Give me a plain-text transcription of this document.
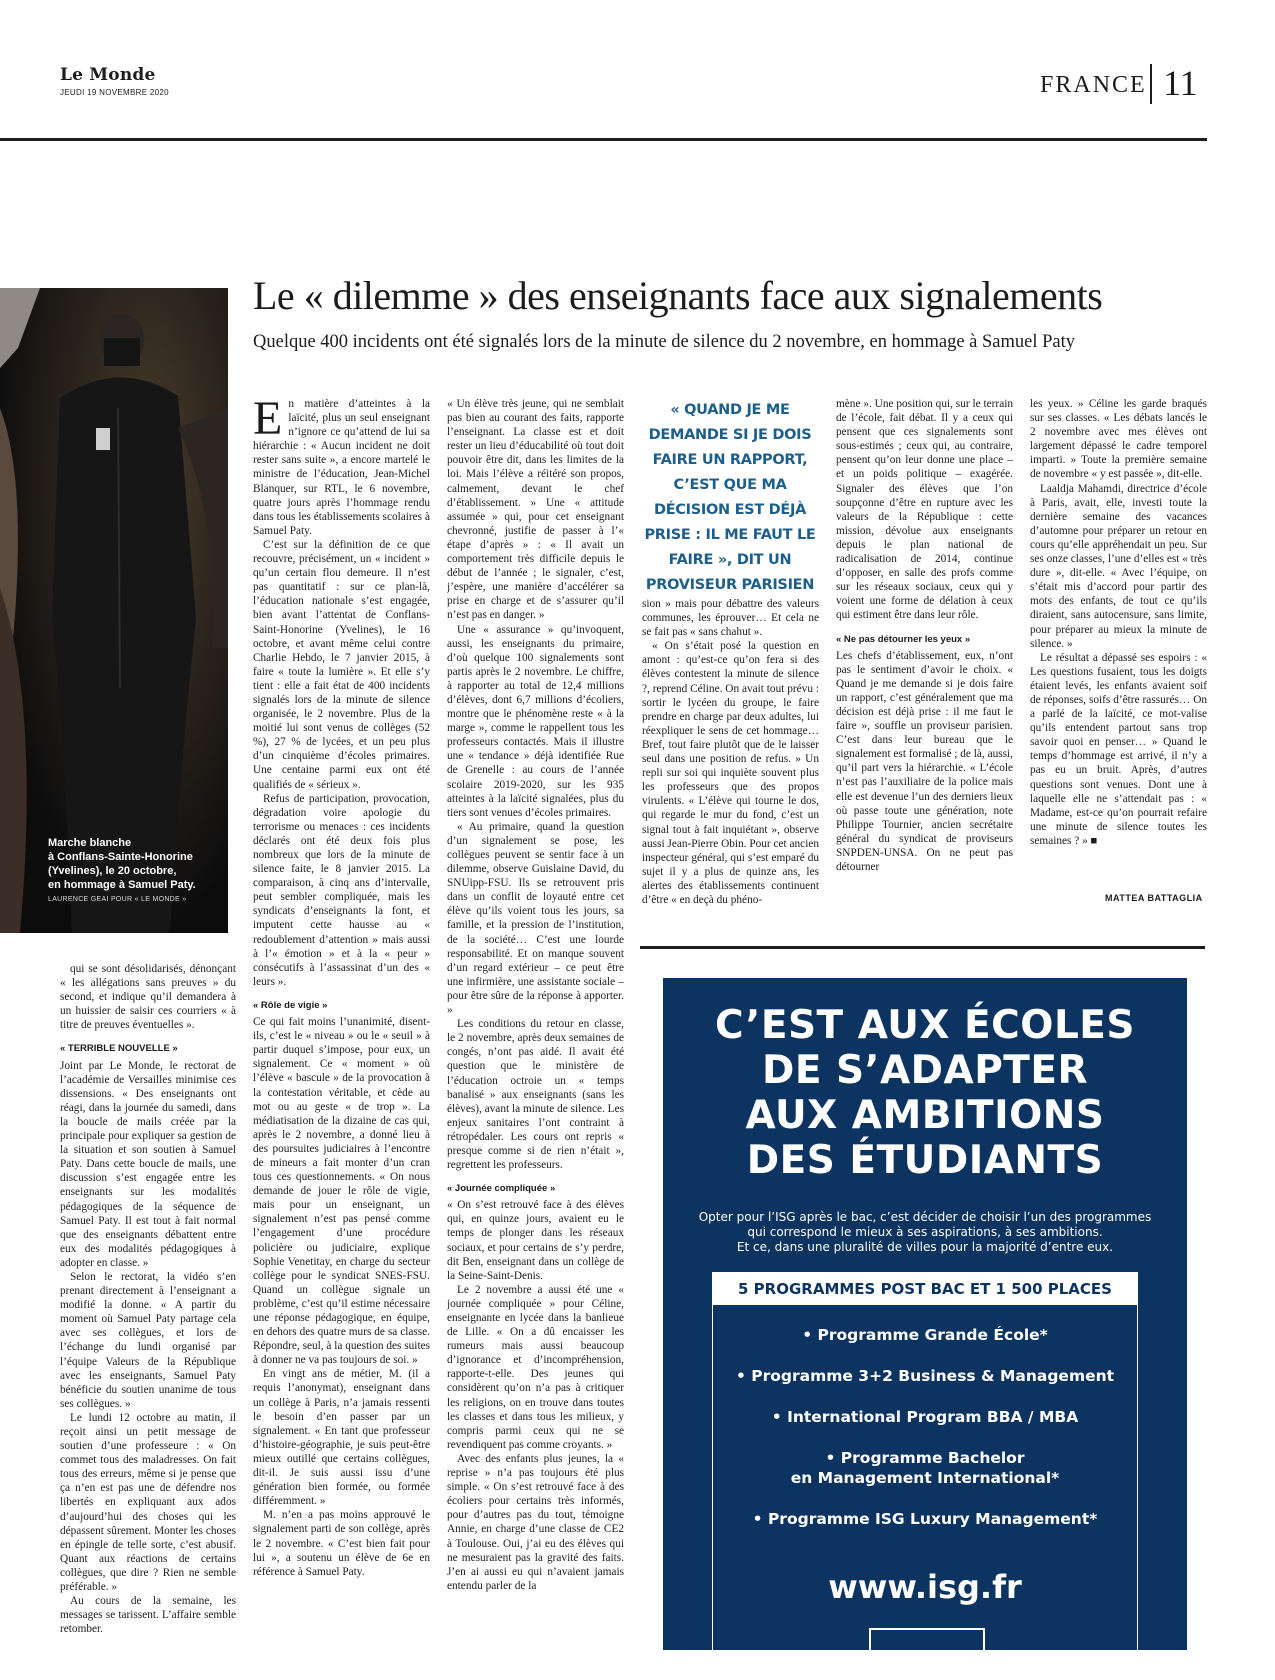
Le Monde
JEUDI 19 NOVEMBRE 2020	FRANCE 11
Marche blanche
à Conflans-Sainte-Honorine
(Yvelines), le 20 octobre,
en hommage à Samuel Paty.
LAURENCE GEAI POUR « LE MONDE »
Le « dilemme » des enseignants face aux signalements
Quelque 400 incidents ont été signalés lors de la minute de silence du 2 novembre, en hommage à Samuel Paty

qui se sont désolidarisés, dénonçant « les allégations sans preuves » du second, et indique qu’il demandera à un huissier de saisir ces courriers « à titre de preuves éventuelles ».

« TERRIBLE NOUVELLE »

Joint par Le Monde, le rectorat de l’académie de Versailles minimise ces dissensions. « Des enseignants ont réagi, dans la journée du samedi, dans la boucle de mails créée par la principale pour expliquer sa gestion de la situation et son soutien à Samuel Paty. Dans cette boucle de mails, une discussion s’est engagée entre les enseignants sur les modalités pédagogiques de la séquence de Samuel Paty. Il est tout à fait normal que des enseignants débattent entre eux des modalités pédagogiques à adopter en classe. »

Selon le rectorat, la vidéo s’en prenant directement à l’enseignant a modifié la donne. « A partir du moment où Samuel Paty partage cela avec ses collègues, et lors de l’échange du lundi organisé par l’équipe Valeurs de la République avec les enseignants, Samuel Paty bénéficie du soutien unanime de tous ses collègues. »

Le lundi 12 octobre au matin, il reçoit ainsi un petit message de soutien d’une professeure : « On commet tous des maladresses. On fait tous des erreurs, même si je pense que ça n’en est pas une de défendre nos libertés en expliquant aux ados d’aujourd’hui des choses qui les dépassent sûrement. Monter les choses en épingle de telle sorte, c’est abusif. Quant aux réactions de certains collègues, que dire ? Rien ne semble préférable. »

Au cours de la semaine, les messages se tarissent. L’affaire semble retomber.

En matière d’atteintes à la laïcité, plus un seul enseignant n’ignore ce qu’attend de lui sa hiérarchie : « Aucun incident ne doit rester sans suite », a encore martelé le ministre de l’éducation, Jean-Michel Blanquer, sur RTL, le 6 novembre, quatre jours après l’hommage rendu dans tous les établissements scolaires à Samuel Paty.

C’est sur la définition de ce que recouvre, précisément, un « incident » qu’un certain flou demeure. Il n’est pas quantitatif : sur ce plan-là, l’éducation nationale s’est engagée, bien avant l’attentat de Conflans-Saint-Honorine (Yvelines), le 16 octobre, et avant même celui contre Charlie Hebdo, le 7 janvier 2015, à faire « toute la lumière ». Et elle s’y tient : elle a fait état de 400 incidents signalés lors de la minute de silence organisée, le 2 novembre. Plus de la moitié lui sont venus de collèges (52 %), 27 % de lycées, et un peu plus d’un cinquième d’écoles primaires. Une centaine parmi eux ont été qualifiés de « sérieux ».

Refus de participation, provocation, dégradation voire apologie du terrorisme ou menaces : ces incidents déclarés ont été deux fois plus nombreux que lors de la minute de silence faite, le 8 janvier 2015. La comparaison, à cinq ans d’intervalle, peut sembler compliquée, mais les syndicats d’enseignants la font, et imputent cette hausse au « redoublement d’attention » mais aussi à l’« émotion » et à la « peur » consécutifs à l’assassinat d’un des « leurs ».

« Rôle de vigie »

Ce qui fait moins l’unanimité, disent-ils, c’est le « niveau » ou le « seuil » à partir duquel s’impose, pour eux, un signalement. Ce « moment » où l’élève « bascule » de la provocation à la contestation véritable, et cède au mot ou au geste « de trop ». La médiatisation de la dizaine de cas qui, après le 2 novembre, a donné lieu à des poursuites judiciaires à l’encontre de mineurs a fait monter d’un cran tous ces questionnements. « On nous demande de jouer le rôle de vigie, mais pour un enseignant, un signalement n’est pas pensé comme l’engagement d’une procédure policière ou judiciaire, explique Sophie Venetitay, en charge du secteur collège pour le syndicat SNES-FSU. Quand un collègue signale un problème, c’est qu’il estime nécessaire une réponse pédagogique, en équipe, en dehors des quatre murs de sa classe. Répondre, seul, à la question des suites à donner ne va pas toujours de soi. »

En vingt ans de métier, M. (il a requis l’anonymat), enseignant dans un collège à Paris, n’a jamais ressenti le besoin d’en passer par un signalement. « En tant que professeur d’histoire-géographie, je suis peut-être mieux outillé que certains collègues, dit-il. Je suis aussi issu d’une génération bien formée, ou formée différemment. »

M. n’en a pas moins approuvé le signalement parti de son collège, après le 2 novembre. « C’est bien fait pour lui », a soutenu un élève de 6e en référence à Samuel Paty.

« Un élève très jeune, qui ne semblait pas bien au courant des faits, rapporte l’enseignant. La classe est et doit rester un lieu d’éducabilité où tout doit pouvoir être dit, dans les limites de la loi. Mais l’élève a réitéré son propos, calmement, devant le chef d’établissement. » Une « attitude assumée » qui, pour cet enseignant chevronné, justifie de passer à l’« étape d’après » : « Il avait un comportement très difficile depuis le début de l’année ; le signaler, c’est, j’espère, une manière d’accélérer sa prise en charge et de s’assurer qu’il n’est pas en danger. »

Une « assurance » qu’invoquent, aussi, les enseignants du primaire, d’où quelque 100 signalements sont partis après le 2 novembre. Le chiffre, à rapporter au total de 12,4 millions d’élèves, dont 6,7 millions d’écoliers, montre que le phénomène reste « à la marge », comme le rappellent tous les professeurs contactés. Mais il illustre une « tendance » déjà identifiée Rue de Grenelle : au cours de l’année scolaire 2019-2020, sur les 935 atteintes à la laïcité signalées, plus du tiers sont venues d’écoles primaires.

« Au primaire, quand la question d’un signalement se pose, les collègues peuvent se sentir face à un dilemme, observe Guislaine David, du SNUipp-FSU. Ils se retrouvent pris dans un conflit de loyauté entre cet élève qu’ils voient tous les jours, sa famille, et la pression de l’institution, de la société… C’est une lourde responsabilité. Et on manque souvent d’un regard extérieur – ce peut être une infirmière, une assistante sociale – pour être sûre de la réponse à apporter. »

Les conditions du retour en classe, le 2 novembre, après deux semaines de congés, n’ont pas aidé. Il avait été question que le ministère de l’éducation octroie un « temps banalisé » aux enseignants (sans les élèves), avant la minute de silence. Les enjeux sanitaires l’ont contraint à rétropédaler. Les cours ont repris « presque comme si de rien n’était », regrettent les professeurs.

« Journée compliquée »

« On s’est retrouvé face à des élèves qui, en quinze jours, avaient eu le temps de plonger dans les réseaux sociaux, et pour certains de s’y perdre, dit Ben, enseignant dans un collège de la Seine-Saint-Denis.

Le 2 novembre a aussi été une « journée compliquée » pour Céline, enseignante en lycée dans la banlieue de Lille. « On a dû encaisser les rumeurs mais aussi beaucoup d’ignorance et d’incompréhension, rapporte-t-elle. Des jeunes qui considèrent qu’on n’a pas à critiquer les religions, on en trouve dans toutes les classes et dans tous les milieux, y compris parmi ceux qui ne se revendiquent pas comme croyants. »

Avec des enfants plus jeunes, la « reprise » n’a pas toujours été plus simple. « On s’est retrouvé face à des écoliers pour certains très informés, pour d’autres pas du tout, témoigne Annie, en charge d’une classe de CE2 à Toulouse. Oui, j’ai eu des élèves qui ne mesuraient pas la gravité des faits. J’en ai aussi eu qui n’avaient jamais entendu parler de la

« QUAND JE ME DEMANDE SI JE DOIS FAIRE UN RAPPORT, C’EST QUE MA DÉCISION EST DÉJÀ PRISE : IL ME FAUT LE FAIRE », DIT UN PROVISEUR PARISIEN

sion » mais pour débattre des valeurs communes, les éprouver… Et cela ne se fait pas « sans chahut ».

« On s’était posé la question en amont : qu’est-ce qu’on fera si des élèves contestent la minute de silence ?, reprend Céline. On avait tout prévu : sortir le lycéen du groupe, le faire prendre en charge par deux adultes, lui réexpliquer le sens de cet hommage… Bref, tout faire plutôt que de le laisser seul dans une position de refus. » Un repli sur soi qui inquiète souvent plus les professeurs que des propos virulents. « L’élève qui tourne le dos, qui regarde le mur du fond, c’est un signal tout à fait inquiétant », observe aussi Jean-Pierre Obin. Pour cet ancien inspecteur général, qui s’est emparé du sujet il y a plus de quinze ans, les alertes des établissements continuent d’être « en deçà du phéno-

mène ». Une position qui, sur le terrain de l’école, fait débat. Il y a ceux qui pensent que ces signalements sont sous-estimés ; ceux qui, au contraire, pensent qu’on leur donne une place – et un poids politique – exagérée. Signaler des élèves que l’on soupçonne d’être en rupture avec les valeurs de la République : cette mission, dévolue aux enseignants depuis le plan national de radicalisation de 2014, continue d’opposer, en salle des profs comme sur les réseaux sociaux, ceux qui y voient une forme de délation à ceux qui estiment être dans leur rôle.

« Ne pas détourner les yeux »

Les chefs d’établissement, eux, n’ont pas le sentiment d’avoir le choix. « Quand je me demande si je dois faire un rapport, c’est généralement que ma décision est déjà prise : il me faut le faire », souffle un proviseur parisien. C’est dans leur bureau que le signalement est formalisé ; de là, aussi, qu’il part vers la hiérarchie. « L’école n’est pas l’auxiliaire de la police mais elle est devenue l’un des derniers lieux où passe toute une génération, note Philippe Tournier, ancien secrétaire général du syndicat de proviseurs SNPDEN-UNSA. On ne peut pas détourner

les yeux. » Céline les garde braqués sur ses classes. « Les débats lancés le 2 novembre avec mes élèves ont largement dépassé le cadre temporel imparti. » Toute la première semaine de novembre « y est passée », dit-elle.

Laaldja Mahamdi, directrice d’école à Paris, avait, elle, investi toute la dernière semaine des vacances d’automne pour préparer un retour en cours qu’elle appréhendait un peu. Sur ses onze classes, l’une d’elles est « très dure », dit-elle. « Avec l’équipe, on s’était mis d’accord pour partir des mots des enfants, de tout ce qu’ils diraient, sans autocensure, sans limite, pour préparer au mieux la minute de silence. »

Le résultat a dépassé ses espoirs : « Les questions fusaient, tous les doigts étaient levés, les enfants avaient soif de réponses, soifs d’être rassurés… On a parlé de la laïcité, ce mot-valise qu’ils entendent partout sans trop savoir quoi en penser… » Quand le temps d’hommage est arrivé, il n’y a pas eu un bruit. Après, d’autres questions sont venues. Dont une à laquelle elle ne s’attendait pas : « Madame, est-ce qu’on pourrait refaire une minute de silence toutes les semaines ? » ■

MATTEA BATTAGLIA
C’EST AUX ÉCOLES
DE S’ADAPTER
AUX AMBITIONS
DES ÉTUDIANTS
Opter pour l’ISG après le bac, c’est décider de choisir l’un des programmes
qui correspond le mieux à ses aspirations, à ses ambitions.
Et ce, dans une pluralité de villes pour la majorité d’entre eux.
5 PROGRAMMES POST BAC ET 1 500 PLACES
• Programme Grande École*
• Programme 3+2 Business & Management
• International Program BBA / MBA
• Programme Bachelor
en Management International*
• Programme ISG Luxury Management*
www.isg.fr
